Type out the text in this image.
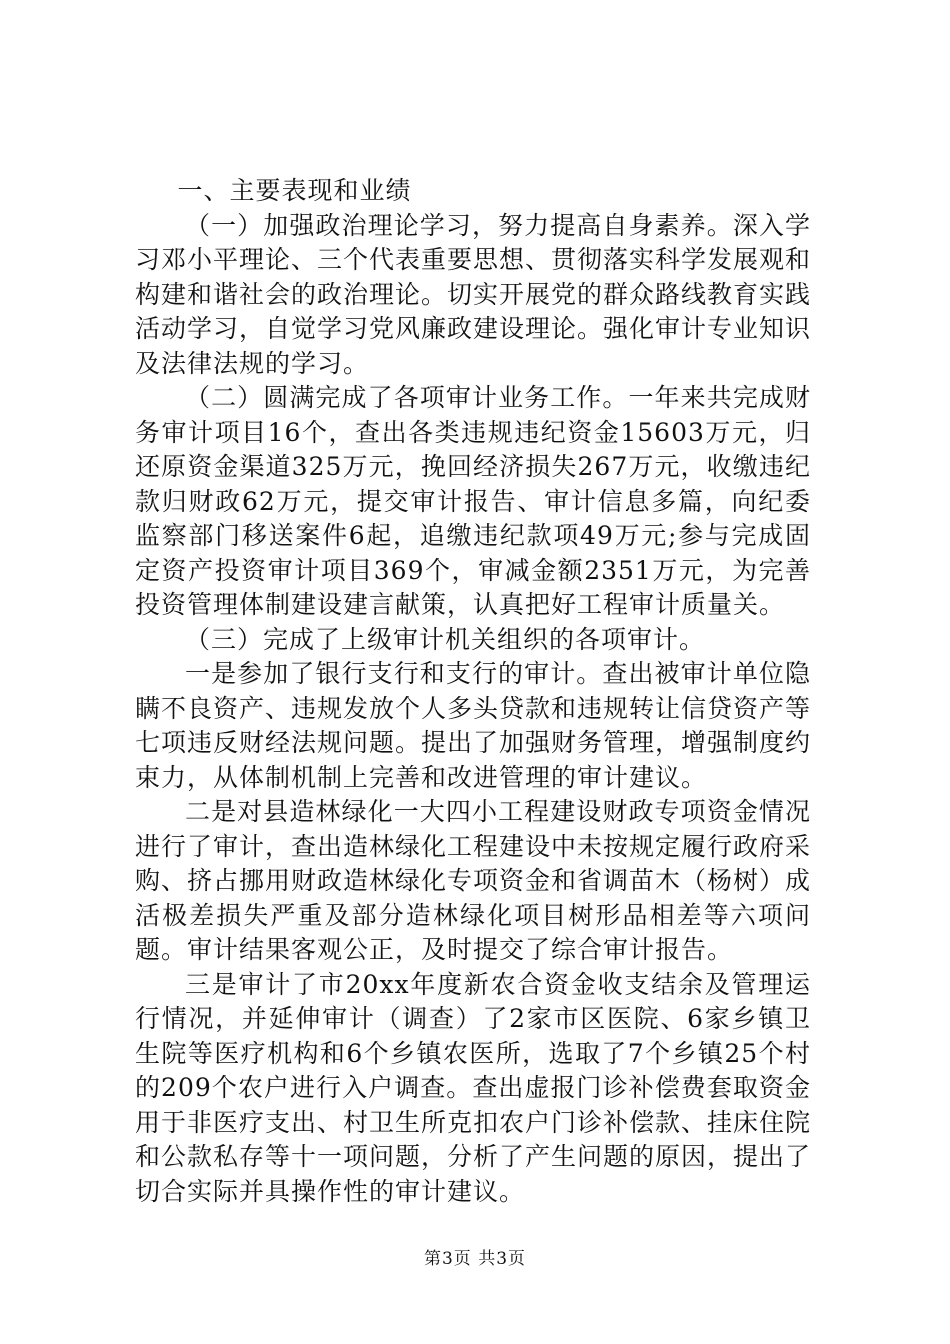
一、主要表现和业绩

（一）加强政治理论学习，努力提高自身素养。深入学习邓小平理论、三个代表重要思想、贯彻落实科学发展观和构建和谐社会的政治理论。切实开展党的群众路线教育实践活动学习，自觉学习党风廉政建设理论。强化审计专业知识及法律法规的学习。

（二）圆满完成了各项审计业务工作。一年来共完成财务审计项目16个，查出各类违规违纪资金15603万元，归还原资金渠道325万元，挽回经济损失267万元，收缴违纪款归财政62万元，提交审计报告、审计信息多篇，向纪委监察部门移送案件6起，追缴违纪款项49万元;参与完成固定资产投资审计项目369个，审减金额2351万元，为完善投资管理体制建设建言献策，认真把好工程审计质量关。

（三）完成了上级审计机关组织的各项审计。

一是参加了银行支行和支行的审计。查出被审计单位隐瞒不良资产、违规发放个人多头贷款和违规转让信贷资产等七项违反财经法规问题。提出了加强财务管理，增强制度约束力，从体制机制上完善和改进管理的审计建议。

二是对县造林绿化一大四小工程建设财政专项资金情况进行了审计，查出造林绿化工程建设中未按规定履行政府采购、挤占挪用财政造林绿化专项资金和省调苗木（杨树）成活极差损失严重及部分造林绿化项目树形品相差等六项问题。审计结果客观公正，及时提交了综合审计报告。

三是审计了市20xx年度新农合资金收支结余及管理运行情况，并延伸审计（调查）了2家市区医院、6家乡镇卫生院等医疗机构和6个乡镇农医所，选取了7个乡镇25个村的209个农户进行入户调查。查出虚报门诊补偿费套取资金用于非医疗支出、村卫生所克扣农户门诊补偿款、挂床住院和公款私存等十一项问题，分析了产生问题的原因，提出了切合实际并具操作性的审计建议。

第3页 共3页
